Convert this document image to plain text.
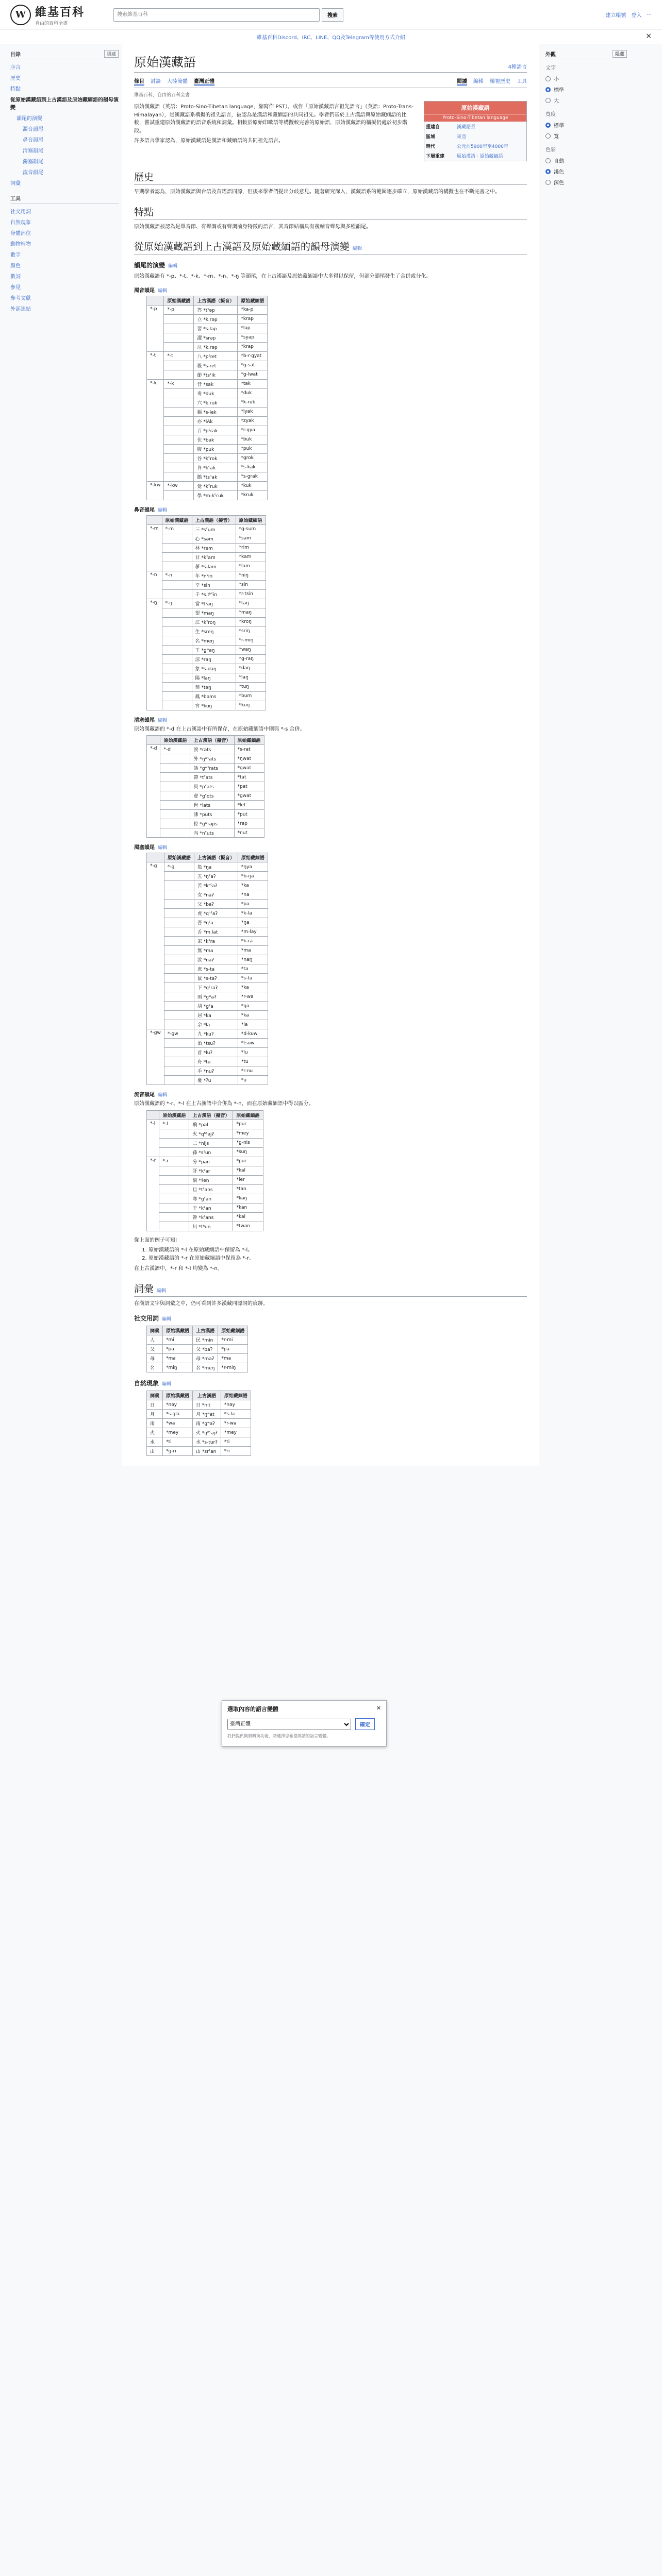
W 維基百科
自由的百科全書
搜索維基百科
搜索	建立帳號 登入 ...
維基百科Discord、IRC、LINE、QQ及Telegram等使用方式介紹	×
目錄	隱藏
序言
歷史
特點
從原始漢藏語到上古漢語及原始藏緬語的韻母演變
韻尾的演變
濁音韻尾
鼻音韻尾
清塞韻尾
濁塞韻尾
流音韻尾
詞彙
工具
社交用詞
自然現象
身體部位
動物植物
數字
顏色
數詞
參見
參考文獻
外部連結
原始漢藏語	4種語言
條目 討論 大陸簡體 臺灣正體	閱讀 編輯 檢視歷史 工具
維基百科，自由的百科全書

原始漢藏語（英語：Proto-Sino-Tibetan language，縮寫作 PST），或作「原始漢藏語言祖先語言」（英語：Proto-Trans-Himalayan），是漢藏語系構擬的祖先語言，被認為是漢語和藏緬語的共同祖先。學者們基於上古漢語與原始藏緬語的比較，嘗試重建原始漢藏語的語音系統和詞彙。相較於原始印歐語等構擬較完善的原始語，原始漢藏語的構擬仍處於初步階段。

許多語言學家認為，原始漢藏語是漢語和藏緬語的共同祖先語言。

原始漢藏語
Proto-Sino-Tibetan language
重建自	漢藏語系
區域	東亞
時代	公元前5900年至4000年
下層重建	原始漢語 · 原始藏緬語
歷史

早期學者認為，原始漢藏語與台語及苗瑤語同源，但後來學者們提出分歧意見。隨著研究深入，漢藏語系的範圍逐步確立，原始漢藏語的構擬也在不斷完善之中。

特點

原始漢藏語被認為是單音節、有聲調或有聲調前身特徵的語言，其音節結構具有複輔音聲母與多種韻尾。

從原始漢藏語到上古漢語及原始藏緬語的韻母演變 編輯
韻尾的演變 編輯

原始漢藏語有 *-p、*-t、*-k、*-m、*-n、*-ŋ 等韻尾，在上古漢語及原始藏緬語中大多得以保留，但部分韻尾發生了合併或分化。

濁音韻尾 編輯
	原始漢藏語	上古漢語（擬音）	原始藏緬語
*-p	*-p	答 *tˤəp	*ka-p
		立 *k.rəp	*krap
		習 *s-ləp	*lap
		澀 *srəp	*syap
		泣 *k.rəp	*krap
*-t	*-t	八 *pˤret	*b-r-gyat
		殺 *s-ret	*g-sat
		節 *tsˤik	*g-lwat
*-k	*-k	昔 *sak	*tak
		毒 *duk	*duk
		六 *k.ruk	*k-ruk
		錫 *s-lek	*lyak
		亦 *lAk	*zyak
		百 *pˤrak	*r-gya
		伏 *bək	*buk
		腹 *puk	*puk
		谷 *kˤrok	*grok
		各 *kˤak	*s-kak
		鵲 *tsʰak	*s-grak
*-kw	*-kw	覺 *kˤruk	*kuk
		學 *m-kˤruk	*kruk
鼻音韻尾 編輯
	原始漢藏語	上古漢語（擬音）	原始藏緬語
*-m	*-m	三 *sˤum	*g-sum
		心 *səm	*sam
		林 *rəm	*rim
		甘 *kˤam	*kam
		蔘 *s-ləm	*lam
*-n	*-n	年 *nˤin	*niŋ
		辛 *sin	*sin
		千 *s.tʰˤin	*r-tsin
*-ŋ	*-ŋ	當 *tˤaŋ	*taŋ
		望 *maŋ	*maŋ
		江 *kˤroŋ	*kroŋ
		生 *sreŋ	*sriŋ
		名 *meŋ	*r-miŋ
		王 *gʷaŋ	*waŋ
		涼 *raŋ	*g-raŋ
		象 *s-daŋ	*daŋ
		陽 *laŋ	*laŋ
		蒸 *təŋ	*tuŋ
		鳳 *bəms	*bum
		宮 *kuŋ	*kuŋ
清塞韻尾 編輯

原始漢藏語的 *-d 在上古漢語中有所保存，在原始藏緬語中則與 *-s 合併。

	原始漢藏語	上古漢語（擬音）	原始藏緬語
*-d	*-d	淚 *rəts	*s-rat
		外 *ŋʷˤats	*ŋwat
		話 *gʷˤrats	*gwat
		帶 *tˤats	*tat
		貝 *pˤats	*pat
		會 *gˤots	*gwat
		世 *lats	*let
		沸 *puts	*put
		位 *gʷrəps	*rap
		內 *nˤuts	*nut
濁塞韻尾 編輯
	原始漢藏語	上古漢語（擬音）	原始藏緬語
*-g	*-g	魚 *ŋa	*ŋya
		五 *ŋˤaʔ	*b-ŋa
		苦 *kʰˤaʔ	*ka
		女 *naʔ	*na
		父 *baʔ	*pa
		虎 *qʰˤaʔ	*k-la
		吾 *ŋˤa	*ŋa
		舌 *m.lat	*m-lay
		家 *kˤra	*k-ra
		無 *ma	*ma
		汝 *naʔ	*naŋ
		庶 *s-ta	*ta
		鼠 *s-taʔ	*s-ta
		下 *gˤraʔ	*ka
		雨 *gʷaʔ	*r-wa
		胡 *gˤa	*ga
		居 *ka	*ka
		余 *la	*la
*-gw	*-gw	九 *kuʔ	*d-kuw
		酒 *tsuʔ	*tsuw
		首 *luʔ	*lu
		舟 *tu	*tu
		手 *nuʔ	*r-nu
		憂 *ʔu	*u
流音韻尾 編輯

原始漢藏語的 *-r、*-l 在上古漢語中合併為 *-n，而在原始藏緬語中得以區分。

	原始漢藏語	上古漢語（擬音）	原始藏緬語
*-l	*-l	飛 *pəl	*pur
		火 *qʰˤəjʔ	*mey
		二 *nijs	*g-nis
		孫 *sˤun	*suŋ
*-r	*-r	分 *pən	*pur
		肝 *kˤar	*kal
		扇 *ɬen	*ler
		旦 *tˤans	*tan
		寒 *gˤan	*kaŋ
		干 *kˤan	*kan
		幹 *kˤans	*kal
		川 *tʰun	*twan

從上面的例子可知：

1. 原始漢藏語的 *-l 在原始藏緬語中保留為 *-l。
2. 原始漢藏語的 *-r 在原始藏緬語中保留為 *-r。

在上古漢語中，*-r 和 *-l 均變為 *-n。

詞彙 編輯

在漢語文字與詞彙之中，仍可看到許多漢藏同源詞的痕跡。

社交用詞 編輯
詞義	原始漢藏語	上古漢語	原始藏緬語
人	*mi	民 *min	*r-mi
父	*pa	父 *baʔ	*pa
母	*ma	母 *məʔ	*ma
名	*miŋ	名 *meŋ	*r-miŋ
自然現象 編輯
詞義	原始漢藏語	上古漢語	原始藏緬語
日	*nəy	日 *nit	*nəy
月	*s-gla	月 *ŋʷat	*s-la
雨	*wa	雨 *gʷaʔ	*r-wa
火	*mey	火 *qʰˤəjʔ	*mey
水	*ti	水 *s-turʔ	*ti
山	*g-ri	山 *srˤan	*ri
外觀	隱藏
文字
小
標準
大
寬度
標準
寬
色彩
自動
淺色
深色
選取內容的語言變體	✕
臺灣正體
確定
我們提供簡繁轉換功能，請選擇您希望閱讀的語言變體。
